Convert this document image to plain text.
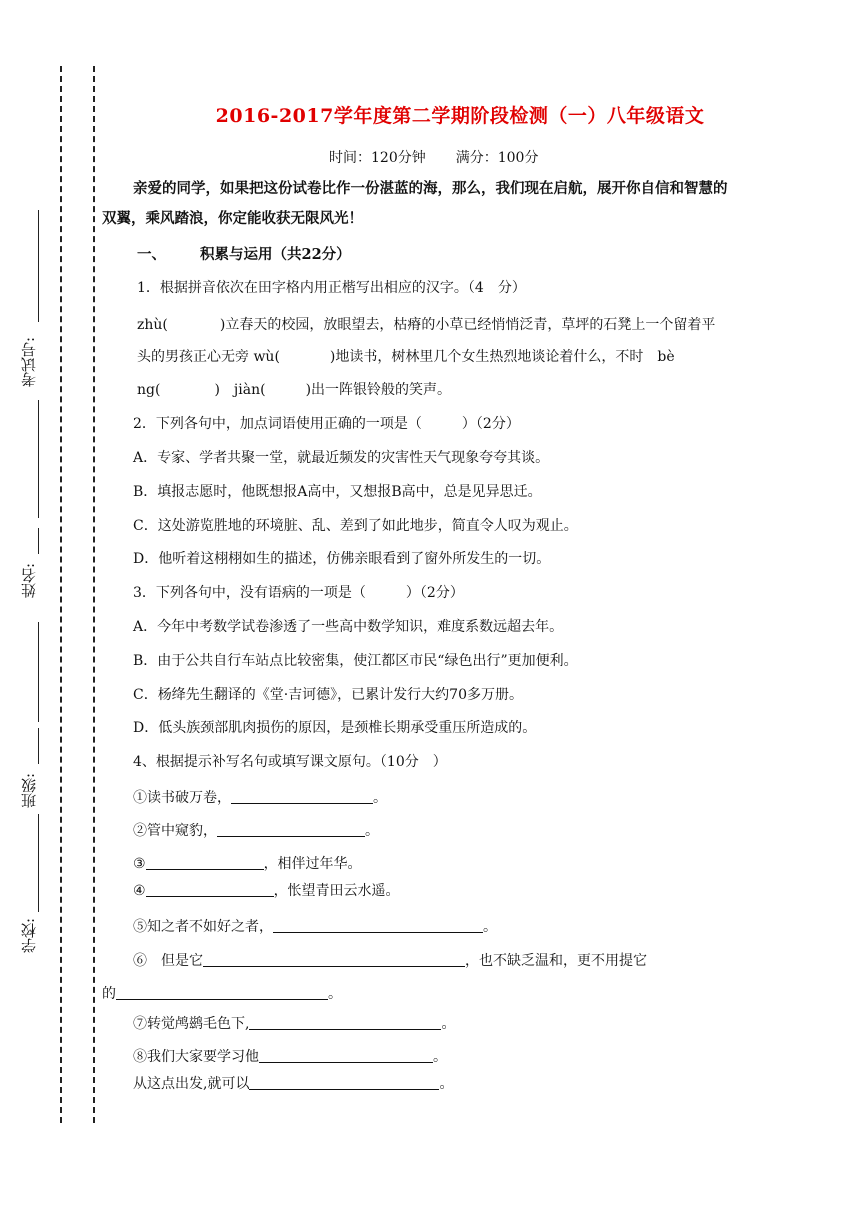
考试号:
姓名:
班级:
学校:
2016-2017学年度第二学期阶段检测（一）八年级语文
时间：120分钟 满分：100分
亲爱的同学，如果把这份试卷比作一份湛蓝的海，那么，我们现在启航，展开你自信和智慧的
双翼，乘风踏浪，你定能收获无限风光！
一、 积累与运用（共22分）
1．根据拼音依次在田字格内用正楷写出相应的汉字。（4　分）
zhù(	)立春天的校园，放眼望去，枯瘠的小草已经悄悄泛青，草坪的石凳上一个留着平
头的男孩正心无旁 wù(	)地读书，树林里几个女生热烈地谈论着什么，不时　bè
ng(	)　jiàn(	)出一阵银铃般的笑声。
2．下列各句中，加点词语使用正确的一项是（	）（2分）
A．专家、学者共聚一堂，就最近频发的灾害性天气现象夸夸其谈。
B．填报志愿时，他既想报A高中，又想报B高中，总是见异思迁。
C．这处游览胜地的环境脏、乱、差到了如此地步，简直令人叹为观止。
D．他听着这栩栩如生的描述，仿佛亲眼看到了窗外所发生的一切。
3．下列各句中，没有语病的一项是（	）（2分）
A．今年中考数学试卷渗透了一些高中数学知识，难度系数远超去年。
B．由于公共自行车站点比较密集，使江都区市民“绿色出行”更加便利。
C．杨绛先生翻译的《堂·吉诃德》，已累计发行大约70多万册。
D．低头族颈部肌肉损伤的原因，是颈椎长期承受重压所造成的。
4、根据提示补写名句或填写课文原句。（10分　）
①读书破万卷，	。
②管中窥豹，	。
③	，相伴过年华。
④	，怅望青田云水遥。
⑤知之者不如好之者，	。
⑥　但是它	，也不缺乏温和，更不用提它
的	。
⑦转觉鸬鹚毛色下,	。
⑧我们大家要学习他	。
从这点出发,就可以	。
